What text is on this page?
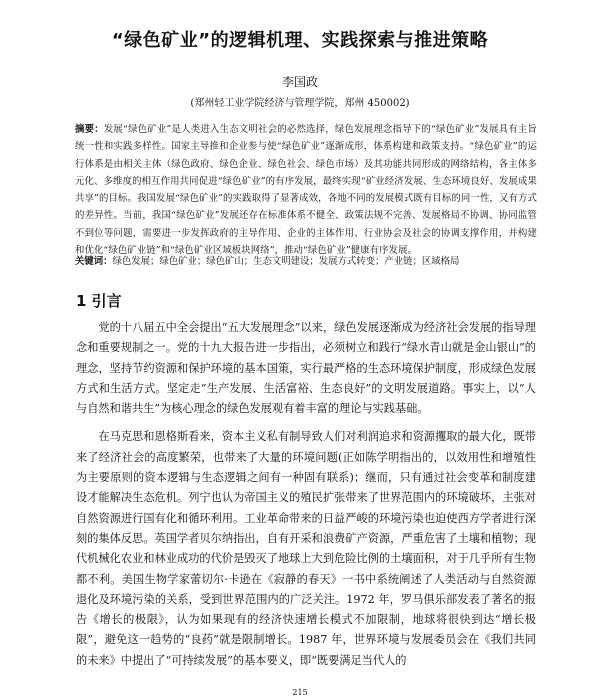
“绿色矿业”的逻辑机理、实践探索与推进策略
李国政
(郑州轻工业学院经济与管理学院，郑州 450002)
摘要：发展“绿色矿业”是人类进入生态文明社会的必然选择，绿色发展理念指导下的“绿色矿业”发展具有主旨统一性和实践多样性。国家主导推和企业参与使“绿色矿业”逐渐成形，体系构建和政策支持。“绿色矿业”的运行体系是由相关主体（绿色政府、绿色企业、绿色社会、绿色市场）及其功能共同形成的网络结构，各主体多元化、多维度的相互作用共同促进“绿色矿业”的有序发展，最终实现“矿业经济发展、生态环境良好、发展成果共享”的目标。我国发展“绿色矿业”的实践取得了显著成效，各地不同的发展模式既有目标的同一性，又有方式的差异性。当前，我国“绿色矿业”发展还存在标准体系不健全、政策法规不完善、发展格局不协调、协同监管不到位等问题，需要进一步发挥政府的主导作用、企业的主体作用、行业协会及社会的协调支撑作用，并构建和优化“绿色矿业链”和“绿色矿业区域板块网络”，推动“绿色矿业”健康有序发展。
关键词：绿色发展；绿色矿业；绿色矿山；生态文明建设；发展方式转变；产业链；区域格局
1 引言

党的十八届五中全会提出“五大发展理念”以来，绿色发展逐渐成为经济社会发展的指导理念和重要规制之一。党的十九大报告进一步指出，必须树立和践行“绿水青山就是金山银山”的理念，坚持节约资源和保护环境的基本国策，实行最严格的生态环境保护制度，形成绿色发展方式和生活方式。坚定走“生产发展、生活富裕、生态良好”的文明发展道路。事实上，以“人与自然和谐共生”为核心理念的绿色发展观有着丰富的理论与实践基础。

在马克思和恩格斯看来，资本主义私有制导致人们对利润追求和资源攫取的最大化，既带来了经济社会的高度繁荣，也带来了大量的环境问题(正如陈学明指出的，以效用性和增殖性为主要原则的资本逻辑与生态逻辑之间有一种固有联系)；继而，只有通过社会变革和制度建设才能解决生态危机。列宁也认为帝国主义的殖民扩张带来了世界范围内的环境破坏，主张对自然资源进行国有化和循环利用。工业革命带来的日益严峻的环境污染也迫使西方学者进行深刻的集体反思。英国学者贝尔纳指出，自有开采和浪费矿产资源，严重危害了土壤和植物；现代机械化农业和林业成功的代价是毁灭了地球上大到危险比例的土壤面积，对于几乎所有生物都不利。美国生物学家蕾切尔·卡逊在《寂静的春天》一书中系统阐述了人类活动与自然资源退化及环境污染的关系，受到世界范围内的广泛关注。1972 年，罗马俱乐部发表了著名的报告《增长的极限》，认为如果现有的经济快速增长模式不加限制，地球将很快到达“增长极限”，避免这一趋势的“良药”就是限制增长。1987 年，世界环境与发展委员会在《我们共同的未来》中提出了“可持续发展”的基本要义，即“既要满足当代人的

215
